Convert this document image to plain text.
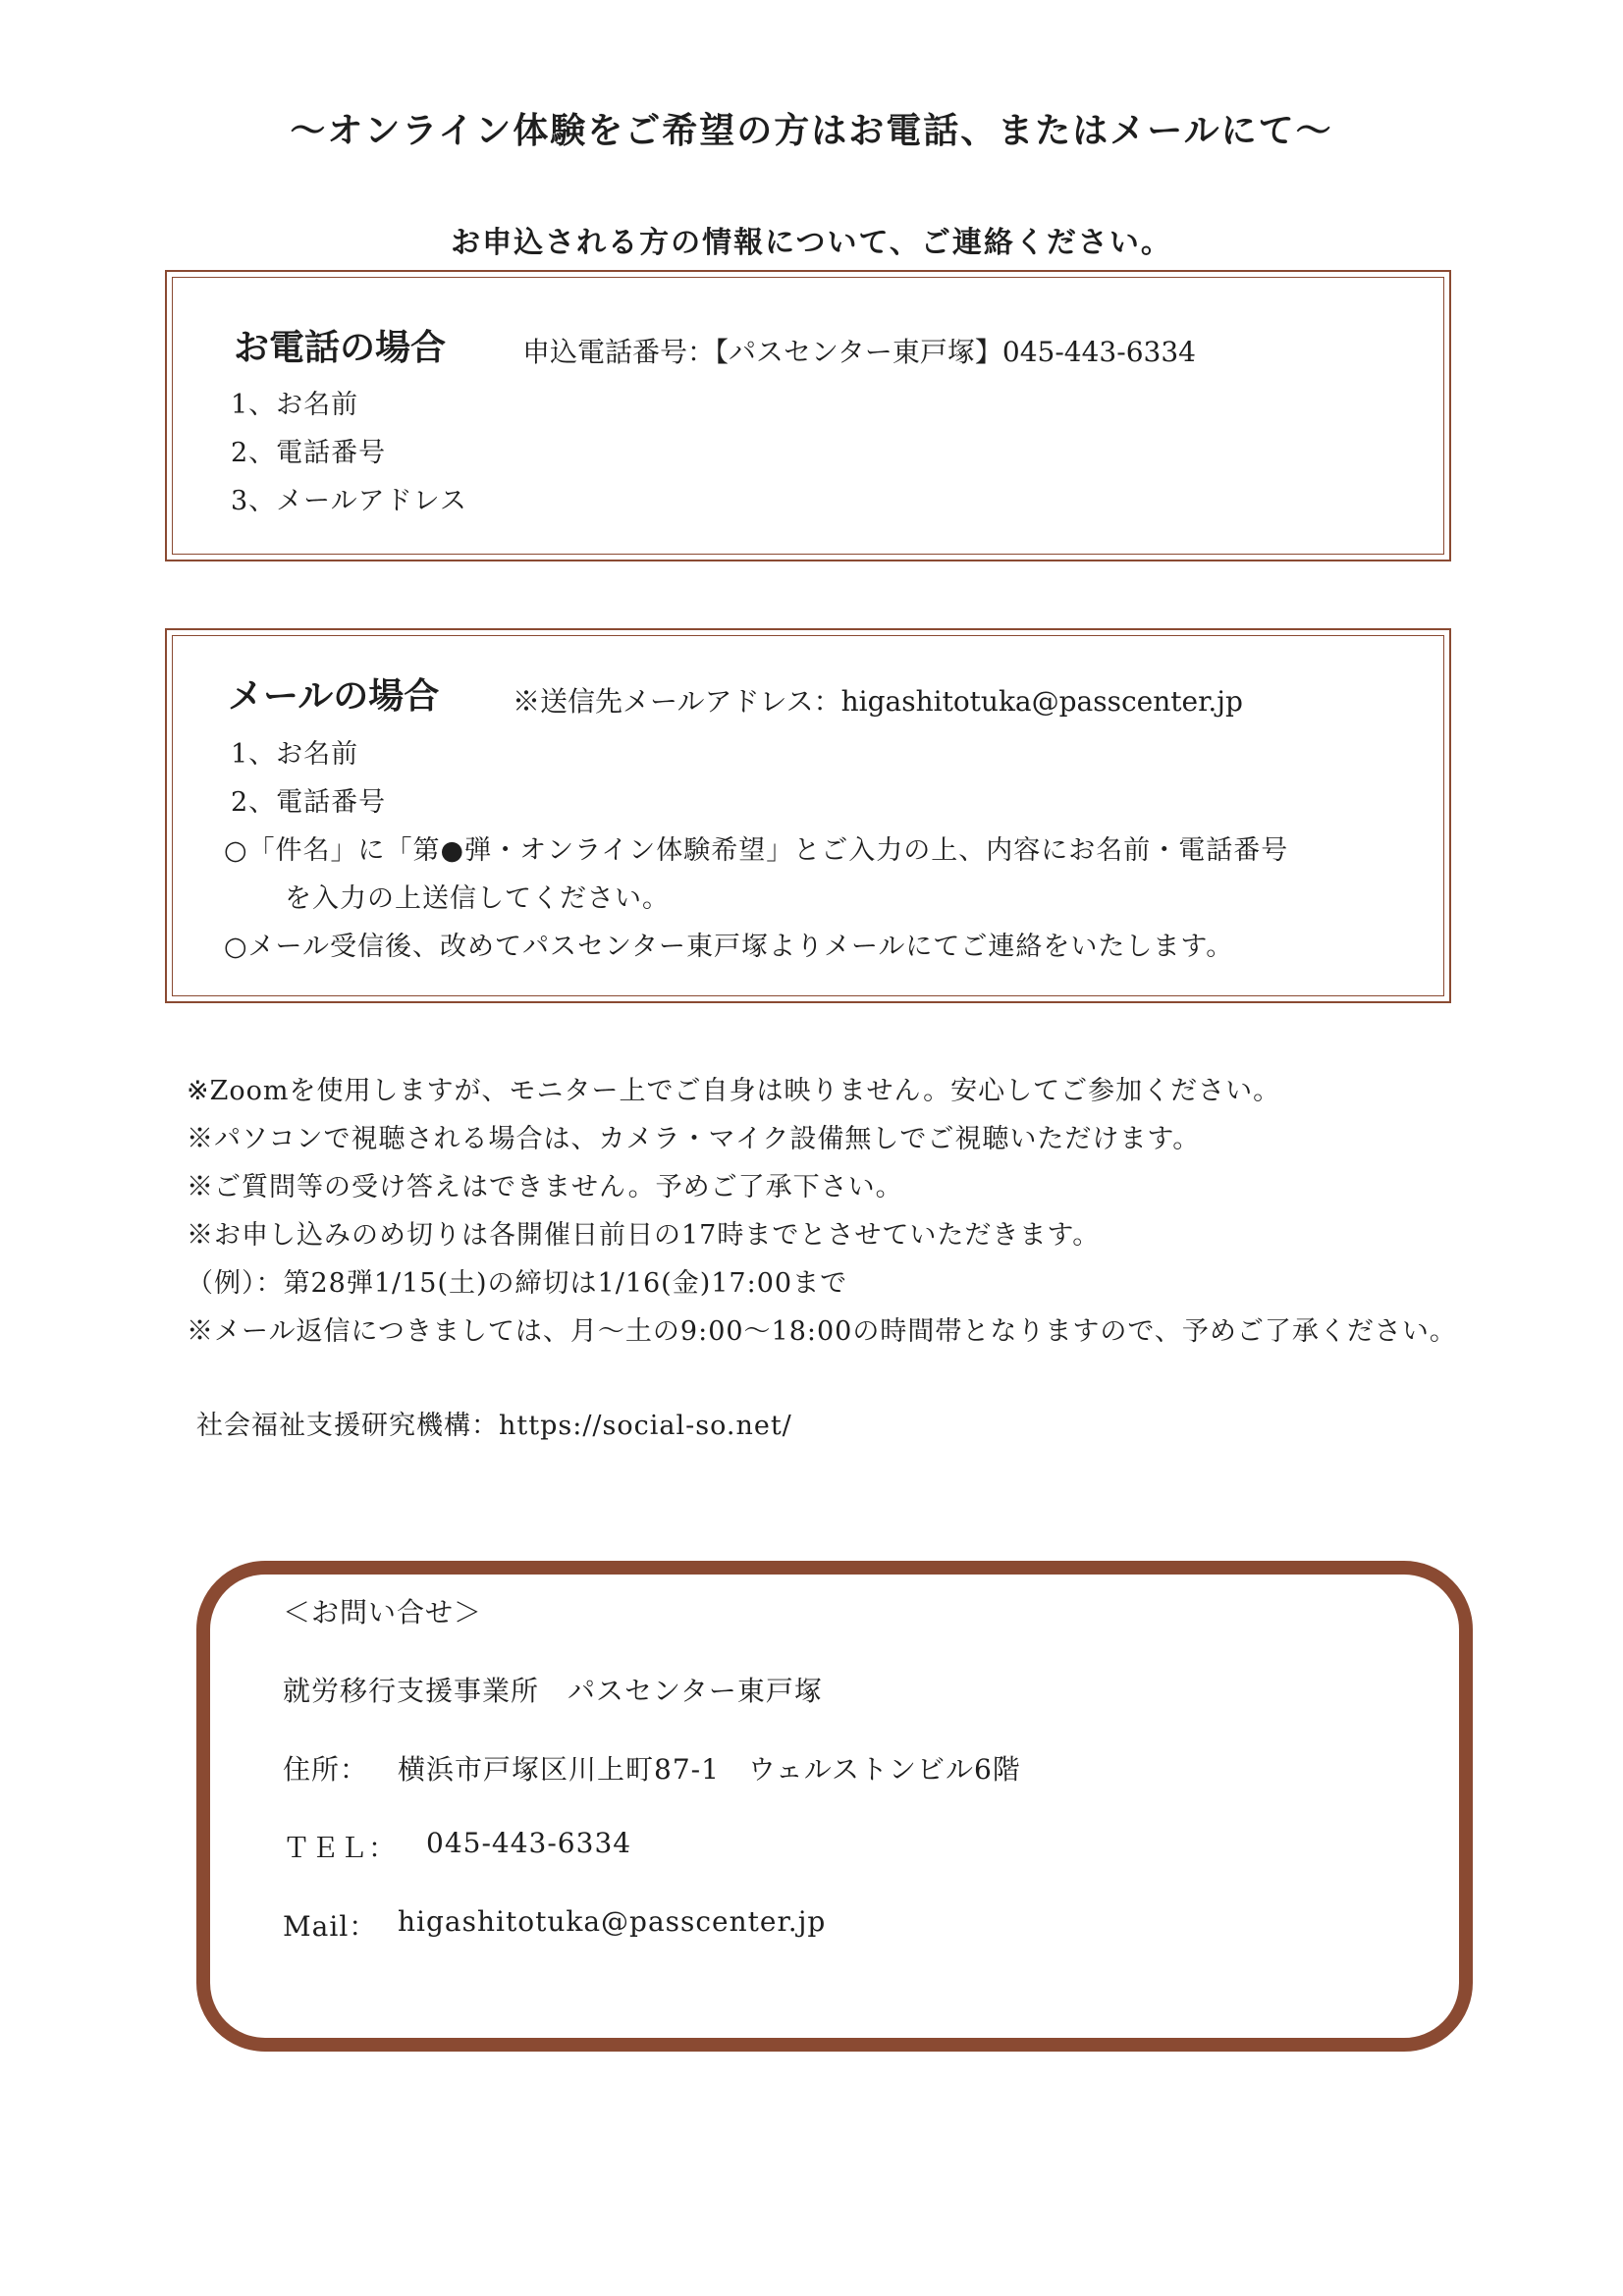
～オンライン体験をご希望の方はお電話、またはメールにて～
お申込される方の情報について、ご連絡ください。
お電話の場合	申込電話番号：【パスセンター東戸塚】045-443-6334
1、お名前
2、電話番号
3、メールアドレス
メールの場合	※送信先メールアドレス：higashitotuka@passcenter.jp
1、お名前
2、電話番号
○「件名」に「第●弾・オンライン体験希望」とご入力の上、内容にお名前・電話番号
を入力の上送信してください。
○メール受信後、改めてパスセンター東戸塚よりメールにてご連絡をいたします。
※Zoomを使用しますが、モニター上でご自身は映りません。安心してご参加ください。
※パソコンで視聴される場合は、カメラ・マイク設備無しでご視聴いただけます。
※ご質問等の受け答えはできません。予めご了承下さい。
※お申し込みのめ切りは各開催日前日の17時までとさせていただきます。
（例）：第28弾1/15(土)の締切は1/16(金)17:00まで
※メール返信につきましては、月～土の9:00～18:00の時間帯となりますので、予めご了承ください。
社会福祉支援研究機構：https://social-so.net/
＜お問い合せ＞
就労移行支援事業所　パスセンター東戸塚
住所： 横浜市戸塚区川上町87-1　ウェルストンビル6階
ＴＥＬ： 045-443-6334
Mail： higashitotuka@passcenter.jp
